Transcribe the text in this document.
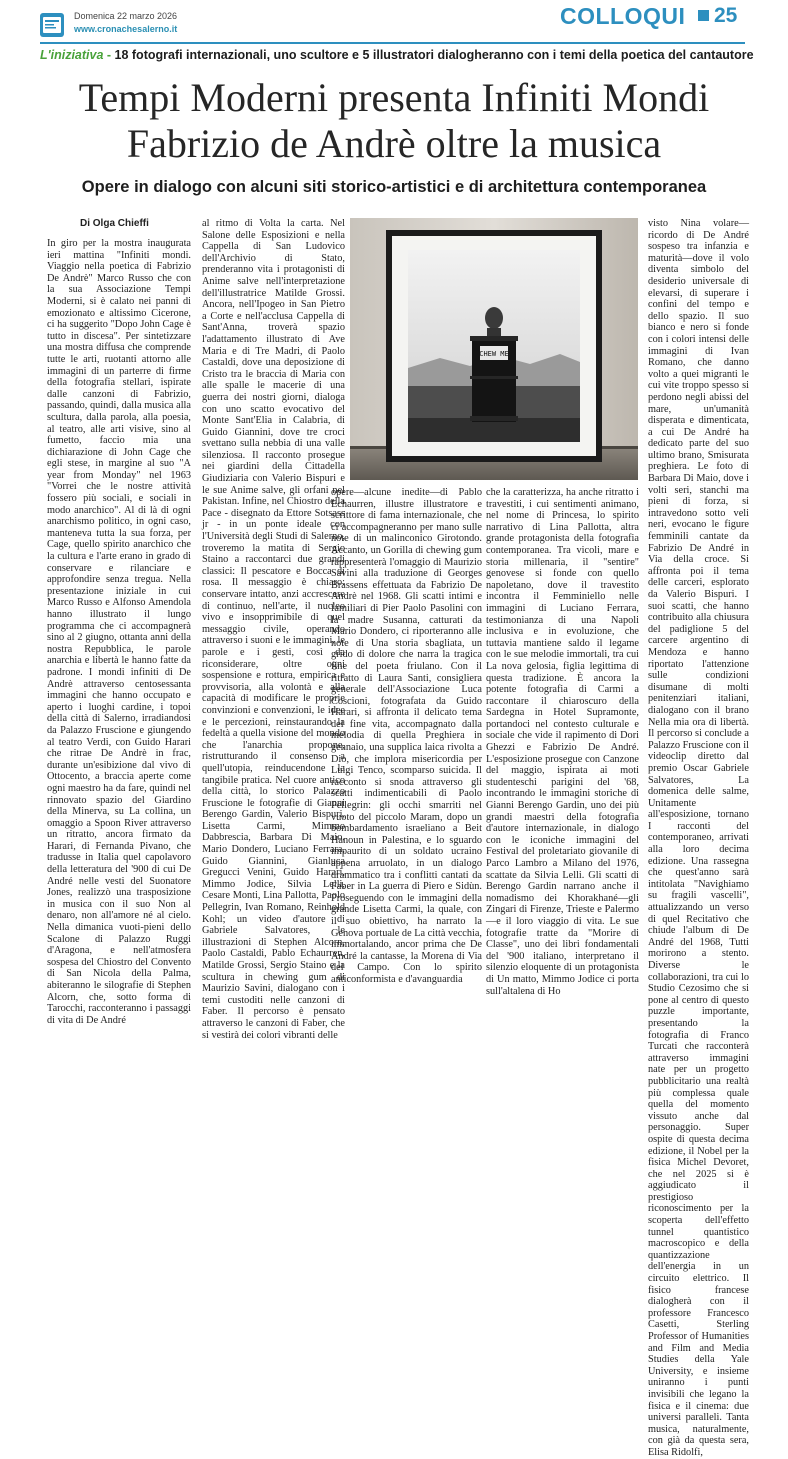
Domenica 22 marzo 2026
www.cronachesalerno.it	COLLOQUI 25
L'iniziativa - 18 fotografi internazionali, uno scultore e 5 illustratori dialogheranno con i temi della poetica del cantautore
Tempi Moderni presenta Infiniti Mondi
Fabrizio de Andrè oltre la musica
Opere in dialogo con alcuni siti storico-artistici e di architettura contemporanea
Di Olga Chieffi
In giro per la mostra inaugurata ieri mattina "Infiniti mondi. Viaggio nella poetica di Fabrizio De Andrè" Marco Russo che con la sua Associazione Tempi Moderni, si è calato nei panni di emozionato e altissimo Cicerone, ci ha suggerito "Dopo John Cage è tutto in discesa". Per sintetizzare una mostra diffusa che comprende tutte le arti, ruotanti attorno alle immagini di un parterre di firme della fotografia stellari, ispirate dalle canzoni di Fabrizio, passando, quindi, dalla musica alla scultura, dalla parola, alla poesia, al teatro, alle arti visive, sino al fumetto, faccio mia una dichiarazione di John Cage che egli stese, in margine al suo "A year from Monday" nel 1963 "Vorrei che le nostre attività fossero più sociali, e sociali in modo anarchico". Al di là di ogni anarchismo politico, in ogni caso, manteneva tutta la sua forza, per Cage, quello spirito anarchico che la cultura e l'arte erano in grado di conservare e rilanciare e approfondire senza tregua. Nella presentazione iniziale in cui Marco Russo e Alfonso Amendola hanno illustrato il lungo programma che ci accompagnerà sino al 2 giugno, ottanta anni della nostra Repubblica, le parole anarchia e libertà le hanno fatte da padrone. I mondi infiniti di De Andrè attraverso centosessanta immagini che hanno occupato e aperto i luoghi cardine, i topoi della città di Salerno, irradiandosi da Palazzo Fruscione e giungendo al teatro Verdi, con Guido Harari che ritrae De Andrè in frac, durante un'esibizione dal vivo di Ottocento, a braccia aperte come ogni maestro ha da fare, quindi nel rinnovato spazio del Giardino della Minerva, su La collina, un omaggio a Spoon River attraverso un ritratto, ancora firmato da Harari, di Fernanda Pivano, che tradusse in Italia quel capolavoro della letteratura del '900 di cui De André nelle vesti del Suonatore Jones, realizzò una trasposizione in musica con il suo Non al denaro, non all'amore né al cielo. Nella dimanica vuoti-pieni dello Scalone di Palazzo Ruggi d'Aragona, e nell'atmosfera sospesa del Chiostro del Convento di San Nicola della Palma, abiteranno le silografie di Stephen Alcorn, che, sotto forma di Tarocchi, racconteranno i passaggi di vita di De André
al ritmo di Volta la carta. Nel Salone delle Esposizioni e nella Cappella di San Ludovico dell'Archivio di Stato, prenderanno vita i protagonisti di Anime salve nell'interpretazione dell'illustratrice Matilde Grossi. Ancora, nell'Ipogeo in San Pietro a Corte e nell'acclusa Cappella di Sant'Anna, troverà spazio l'adattamento illustrato di Ave Maria e di Tre Madri, di Paolo Castaldi, dove una deposizione di Cristo tra le braccia di Maria con alle spalle le macerie di una guerra dei nostri giorni, dialoga con uno scatto evocativo del Monte Sant'Elia in Calabria, di Guido Giannini, dove tre croci svettano sulla nebbia di una valle silenziosa. Il racconto prosegue nei giardini della Cittadella Giudiziaria con Valerio Bispuri e le sue Anime salve, gli orfani nel Pakistan. Infine, nel Chiostro della Pace - disegnato da Ettore Sotsass jr - in un ponte ideale con l'Università degli Studi di Salerno, troveremo la matita di Sergio Staino a raccontarci due grandi classici: Il pescatore e Bocca di rosa. Il messaggio è chiaro: conservare intatto, anzi accrescere di continuo, nell'arte, il nucleo vivo e insopprimibile di quel messaggio civile, operando attraverso i suoni e le immagini, le parole e i gesti, così da riconsiderare, oltre ogni sospensione e rottura, empirica e provvisoria, alla volontà e alla capacità di modificare le proprie convinzioni e convenzioni, le idee e le percezioni, reinstaurando la fedeltà a quella visione del mondo che l'anarchia propone, ristrutturando il consenso a quell'utopia, reinducendone la tangibile pratica. Nel cuore antico della città, lo storico Palazzo Fruscione le fotografie di Gianni Berengo Gardin, Valerio Bispuri, Lisetta Carmi, Mimmo Dabbrescia, Barbara Di Maio, Mario Dondero, Luciano Ferrara, Guido Giannini, Gianluca Gregucci Venini, Guido Harari, Mimmo Jodice, Silvia Lelli, Cesare Monti, Lina Pallotta, Paolo Pellegrin, Ivan Romano, Reinhold Kohl; un video d'autore di Gabriele Salvatores, le illustrazioni di Stephen Alcorn, Paolo Castaldi, Pablo Echaurren, Matilde Grossi, Sergio Staino e la scultura in chewing gum di Maurizio Savini, dialogano con i temi custoditi nelle canzoni di Faber. Il percorso è pensato attraverso le canzoni di Faber, che si vestirà dei colori vibranti delle
CHEW ME
opere—alcune inedite—di Pablo Echaurren, illustre illustratore e scrittore di fama internazionale, che ci accompagneranno per mano sulle note di un malinconico Girotondo. Accanto, un Gorilla di chewing gum rappresenterà l'omaggio di Maurizio Savini alla traduzione di Georges Brassens effettuata da Fabrizio De Andrè nel 1968. Gli scatti intimi e familiari di Pier Paolo Pasolini con la madre Susanna, catturati da Mario Dondero, ci riporteranno alle note di Una storia sbagliata, un grido di dolore che narra la tragica fine del poeta friulano. Con il ritratto di Laura Santi, consigliera generale dell'Associazione Luca Coscioni, fotografata da Guido Harari, si affronta il delicato tema del fine vita, accompagnato dalla melodia di quella Preghiera in gennaio, una supplica laica rivolta a Dio, che implora misericordia per Luigi Tenco, scomparso suicida. Il racconto si snoda attraverso gli scatti indimenticabili di Paolo Pellegrin: gli occhi smarriti nel vuoto del piccolo Maram, dopo un bombardamento israeliano a Beit Hanoun in Palestina, e lo sguardo impaurito di un soldato ucraino appena arruolato, in un dialogo drammatico tra i conflitti cantati da Faber in La guerra di Piero e Sidùn. Proseguendo con le immagini della grande Lisetta Carmi, la quale, con il suo obiettivo, ha narrato la Genova portuale de La città vecchia, immortalando, ancor prima che De André la cantasse, la Morena di Via del Campo. Con lo spirito anticonformista e d'avanguardia
che la caratterizza, ha anche ritratto i travestiti, i cui sentimenti animano, nel nome di Princesa, lo spirito narrativo di Lina Pallotta, altra grande protagonista della fotografia contemporanea. Tra vicoli, mare e storia millenaria, il "sentire" genovese si fonde con quello napoletano, dove il travestito incontra il Femminiello nelle immagini di Luciano Ferrara, testimonianza di una Napoli inclusiva e in evoluzione, che tuttavia mantiene saldo il legame con le sue melodie immortali, tra cui La nova gelosia, figlia legittima di questa tradizione. È ancora la potente fotografia di Carmi a raccontare il chiaroscuro della Sardegna in Hotel Supramonte, portandoci nel contesto culturale e sociale che vide il rapimento di Dori Ghezzi e Fabrizio De André. L'esposizione prosegue con Canzone del maggio, ispirata ai moti studenteschi parigini del '68, incontrando le immagini storiche di Gianni Berengo Gardin, uno dei più grandi maestri della fotografia d'autore internazionale, in dialogo con le iconiche immagini del Festival del proletariato giovanile di Parco Lambro a Milano del 1976, scattate da Silvia Lelli. Gli scatti di Berengo Gardin narrano anche il nomadismo dei Khorakhané—gli Zingari di Firenze, Trieste e Palermo—e il loro viaggio di vita. Le sue fotografie tratte da "Morire di Classe", uno dei libri fondamentali del '900 italiano, interpretano il silenzio eloquente di un protagonista di Un matto, Mimmo Jodice ci porta sull'altalena di Ho
visto Nina volare—ricordo di De André sospeso tra infanzia e maturità—dove il volo diventa simbolo del desiderio universale di elevarsi, di superare i confini del tempo e dello spazio. Il suo bianco e nero si fonde con i colori intensi delle immagini di Ivan Romano, che danno volto a quei migranti le cui vite troppo spesso si perdono negli abissi del mare, un'umanità disperata e dimenticata, a cui De André ha dedicato parte del suo ultimo brano, Smisurata preghiera. Le foto di Barbara Di Maio, dove i volti seri, stanchi ma pieni di forza, si intravedono sotto veli neri, evocano le figure femminili cantate da Fabrizio De André in Via della croce. Si affronta poi il tema delle carceri, esplorato da Valerio Bispuri. I suoi scatti, che hanno contribuito alla chiusura del padiglione 5 del carcere argentino di Mendoza e hanno riportato l'attenzione sulle condizioni disumane di molti penitenziari italiani, dialogano con il brano Nella mia ora di libertà. Il percorso si conclude a Palazzo Fruscione con il videoclip diretto dal premio Oscar Gabriele Salvatores, La domenica delle salme, Unitamente all'esposizione, tornano I racconti del contemporaneo, arrivati alla loro decima edizione. Una rassegna che quest'anno sarà intitolata "Navighiamo su fragili vascelli", attualizzando un verso di quel Recitativo che chiude l'album di De André del 1968, Tutti morirono a stento. Diverse le collaborazioni, tra cui lo Studio Cezosimo che si pone al centro di questo puzzle importante, presentando la fotografia di Franco Turcati che racconterà attraverso immagini nate per un progetto pubblicitario una realtà più complessa quale quella del momento vissuto anche dal personaggio. Super ospite di questa decima edizione, il Nobel per la fisica Michel Devoret, che nel 2025 si è aggiudicato il prestigioso riconoscimento per la scoperta dell'effetto tunnel quantistico macroscopico e della quantizzazione dell'energia in un circuito elettrico. Il fisico francese dialogherà con il professore Francesco Casetti, Sterling Professor of Humanities and Film and Media Studies della Yale University, e insieme uniranno i punti invisibili che legano la fisica e il cinema: due universi paralleli. Tanta musica, naturalmente, con già da questa sera, Elisa Ridolfi,
